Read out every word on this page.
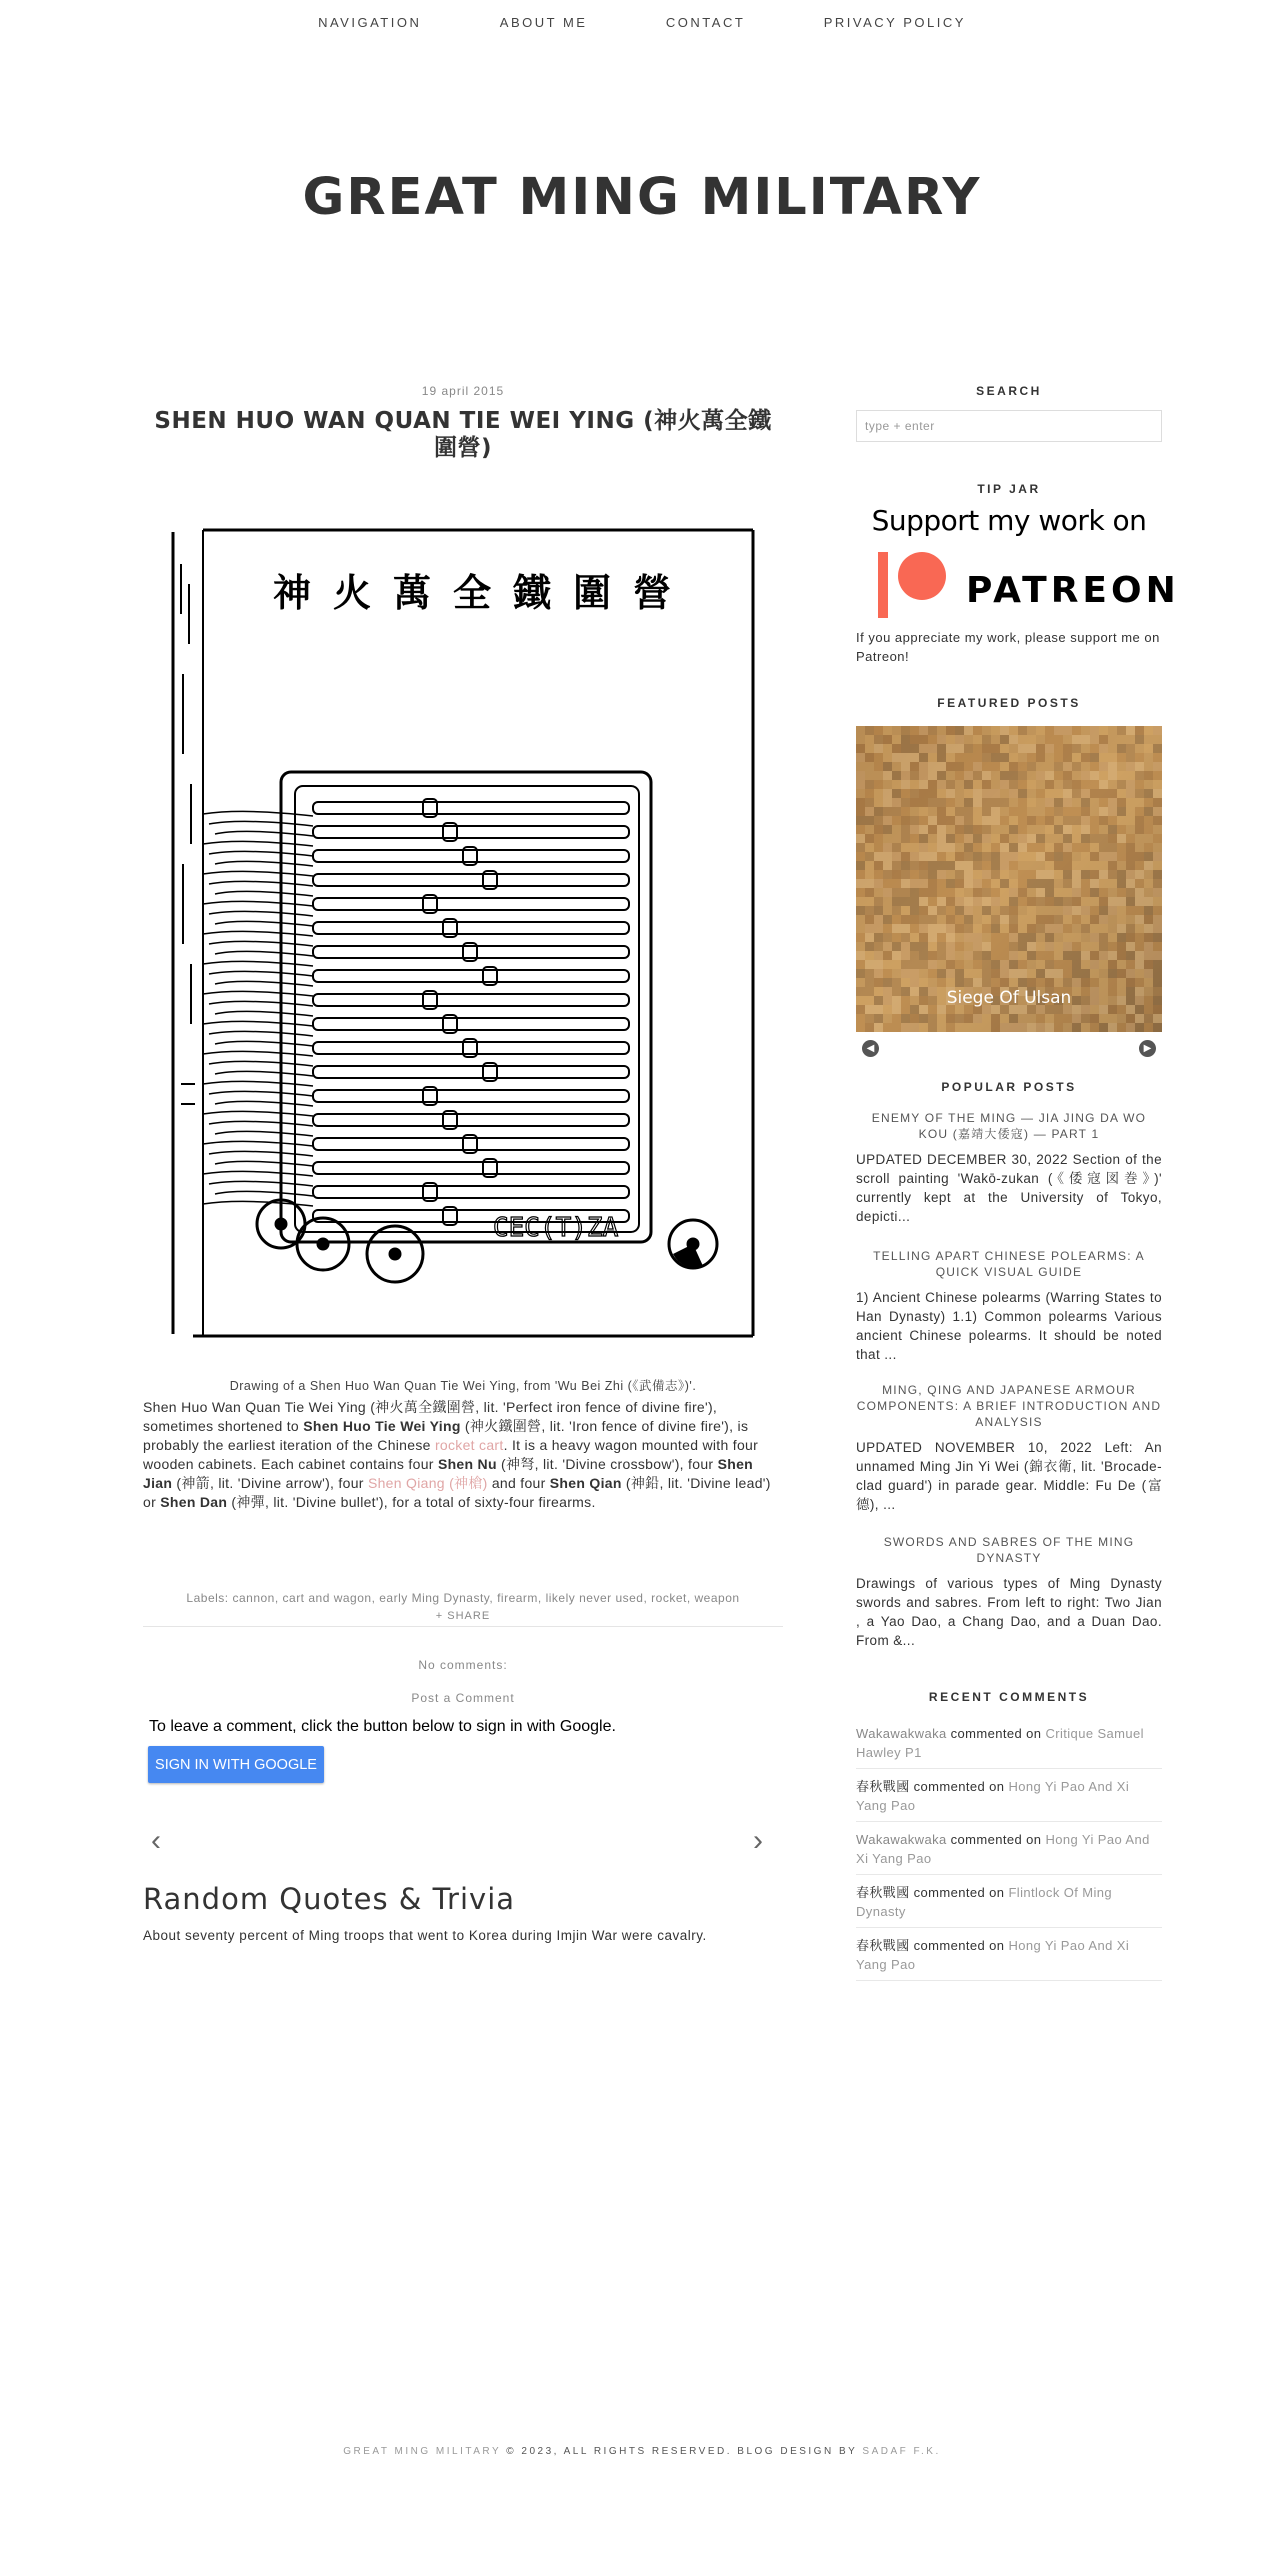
NAVIGATION	ABOUT ME	CONTACT	PRIVACY POLICY
GREAT MING MILITARY
19 april 2015
SHEN HUO WAN QUAN TIE WEI YING (神火萬全鐵圍營)
神火萬全鐵圍營
CEC(T)ZA
Drawing of a Shen Huo Wan Quan Tie Wei Ying, from 'Wu Bei Zhi (《武備志》)'.
Shen Huo Wan Quan Tie Wei Ying (神火萬全鐵圍營, lit. 'Perfect iron fence of divine fire'), sometimes shortened to Shen Huo Tie Wei Ying (神火鐵圍營, lit. 'Iron fence of divine fire'), is probably the earliest iteration of the Chinese rocket cart. It is a heavy wagon mounted with four wooden cabinets. Each cabinet contains four Shen Nu (神弩, lit. 'Divine crossbow'), four Shen Jian (神箭, lit. 'Divine arrow'), four Shen Qiang (神槍) and four Shen Qian (神鉛, lit. 'Divine lead') or Shen Dan (神彈, lit. 'Divine bullet'), for a total of sixty-four firearms.
Labels: cannon, cart and wagon, early Ming Dynasty, firearm, likely never used, rocket, weapon
+ SHARE
No comments:
Post a Comment
To leave a comment, click the button below to sign in with Google.
SIGN IN WITH GOOGLE
‹	›
Random Quotes & Trivia
About seventy percent of Ming troops that went to Korea during Imjin War were cavalry.
SEARCH
type + enter
TIP JAR
Support my work on
PATREON
If you appreciate my work, please support me on Patreon!
FEATURED POSTS
Siege Of Ulsan
◀	▶
POPULAR POSTS
ENEMY OF THE MING — JIA JING DA WO KOU (嘉靖大倭寇) — PART 1
UPDATED DECEMBER 30, 2022 Section of the scroll painting 'Wakō-zukan (《倭寇図巻》)' currently kept at the University of Tokyo, depicti...
TELLING APART CHINESE POLEARMS: A QUICK VISUAL GUIDE
1) Ancient Chinese polearms (Warring States to Han Dynasty) 1.1) Common polearms Various ancient Chinese polearms. It should be noted that ...
MING, QING AND JAPANESE ARMOUR COMPONENTS: A BRIEF INTRODUCTION AND ANALYSIS
UPDATED NOVEMBER 10, 2022 Left: An unnamed Ming Jin Yi Wei (錦衣衛, lit. 'Brocade-clad guard') in parade gear. Middle: Fu De (富德), ...
SWORDS AND SABRES OF THE MING DYNASTY
Drawings of various types of Ming Dynasty swords and sabres. From left to right: Two Jian , a Yao Dao, a Chang Dao, and a Duan Dao. From &...
RECENT COMMENTS
Wakawakwaka commented on Critique Samuel Hawley P1
春秋戰國 commented on Hong Yi Pao And Xi Yang Pao
Wakawakwaka commented on Hong Yi Pao And Xi Yang Pao
春秋戰國 commented on Flintlock Of Ming Dynasty
春秋戰國 commented on Hong Yi Pao And Xi Yang Pao
GREAT MING MILITARY © 2023, ALL RIGHTS RESERVED. BLOG DESIGN BY SADAF F.K.
